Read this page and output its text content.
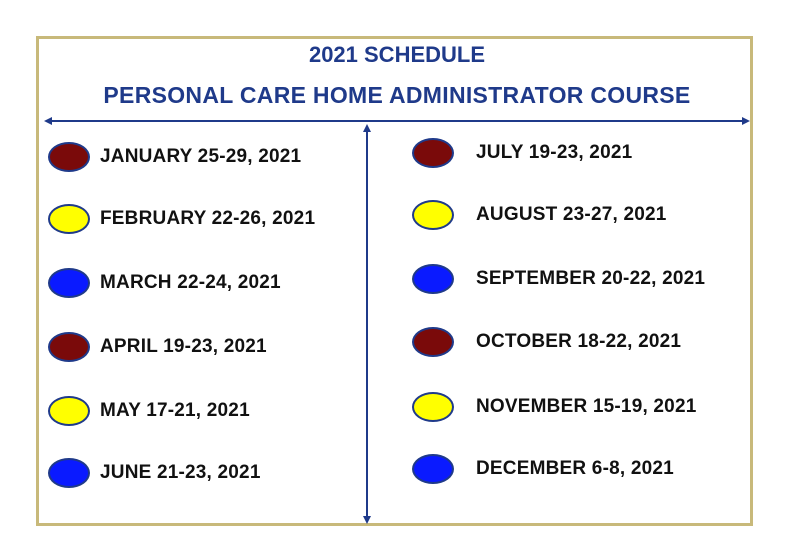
2021 SCHEDULE
PERSONAL CARE HOME ADMINISTRATOR COURSE
JANUARY 25-29, 2021
FEBRUARY 22-26, 2021
MARCH 22-24, 2021
APRIL 19-23, 2021
MAY 17-21, 2021
JUNE 21-23, 2021
JULY 19-23, 2021
AUGUST 23-27, 2021
SEPTEMBER 20-22, 2021
OCTOBER 18-22, 2021
NOVEMBER 15-19, 2021
DECEMBER 6-8, 2021
